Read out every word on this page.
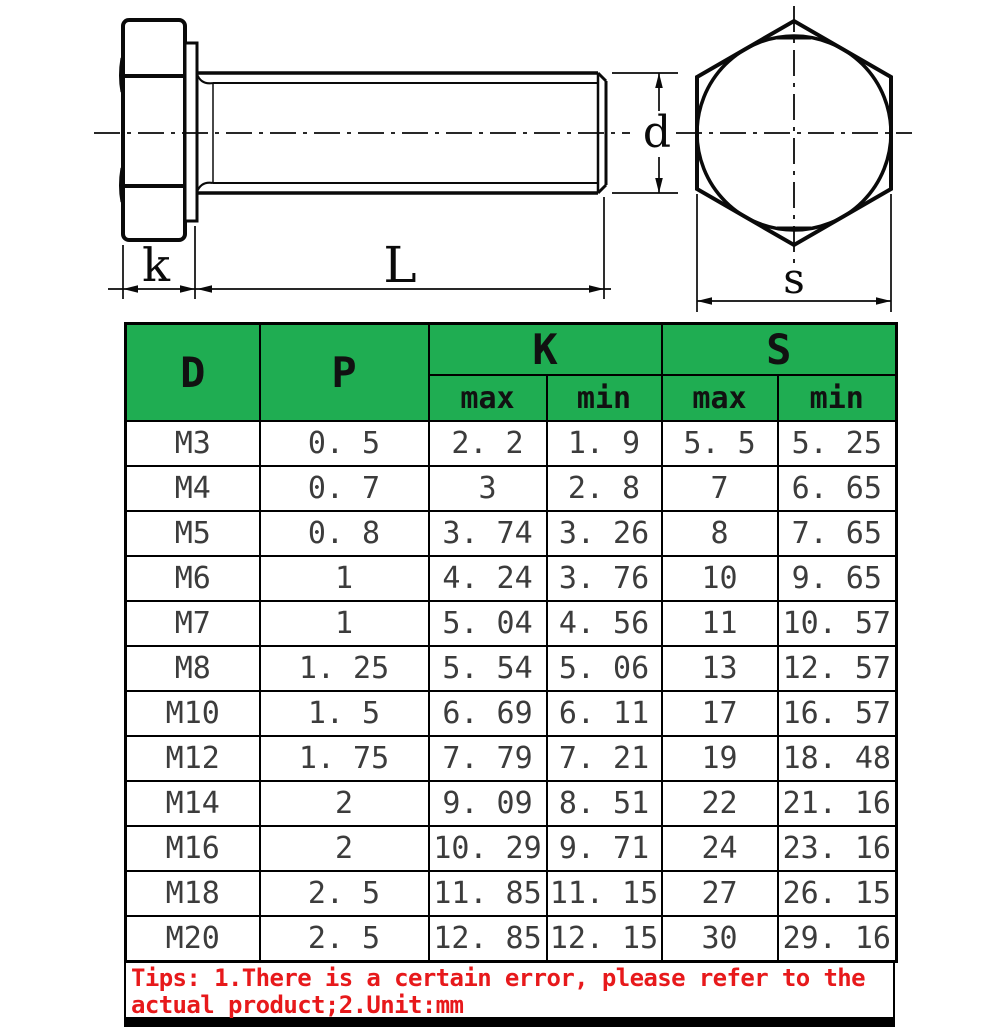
k	L
d
s
D	P	K		S	
		max	min	max	min
M3	0. 5	2. 2	1. 9	5. 5	5. 25
M4	0. 7	3	2. 8	7	6. 65
M5	0. 8	3. 74	3. 26	8	7. 65
M6	1	4. 24	3. 76	10	9. 65
M7	1	5. 04	4. 56	11	10. 57
M8	1. 25	5. 54	5. 06	13	12. 57
M10	1. 5	6. 69	6. 11	17	16. 57
M12	1. 75	7. 79	7. 21	19	18. 48
M14	2	9. 09	8. 51	22	21. 16
M16	2	10. 29	9. 71	24	23. 16
M18	2. 5	11. 85	11. 15	27	26. 15
M20	2. 5	12. 85	12. 15	30	29. 16
Tips: 1.There is a certain error, please refer to the
actual product;2.Unit:mm
